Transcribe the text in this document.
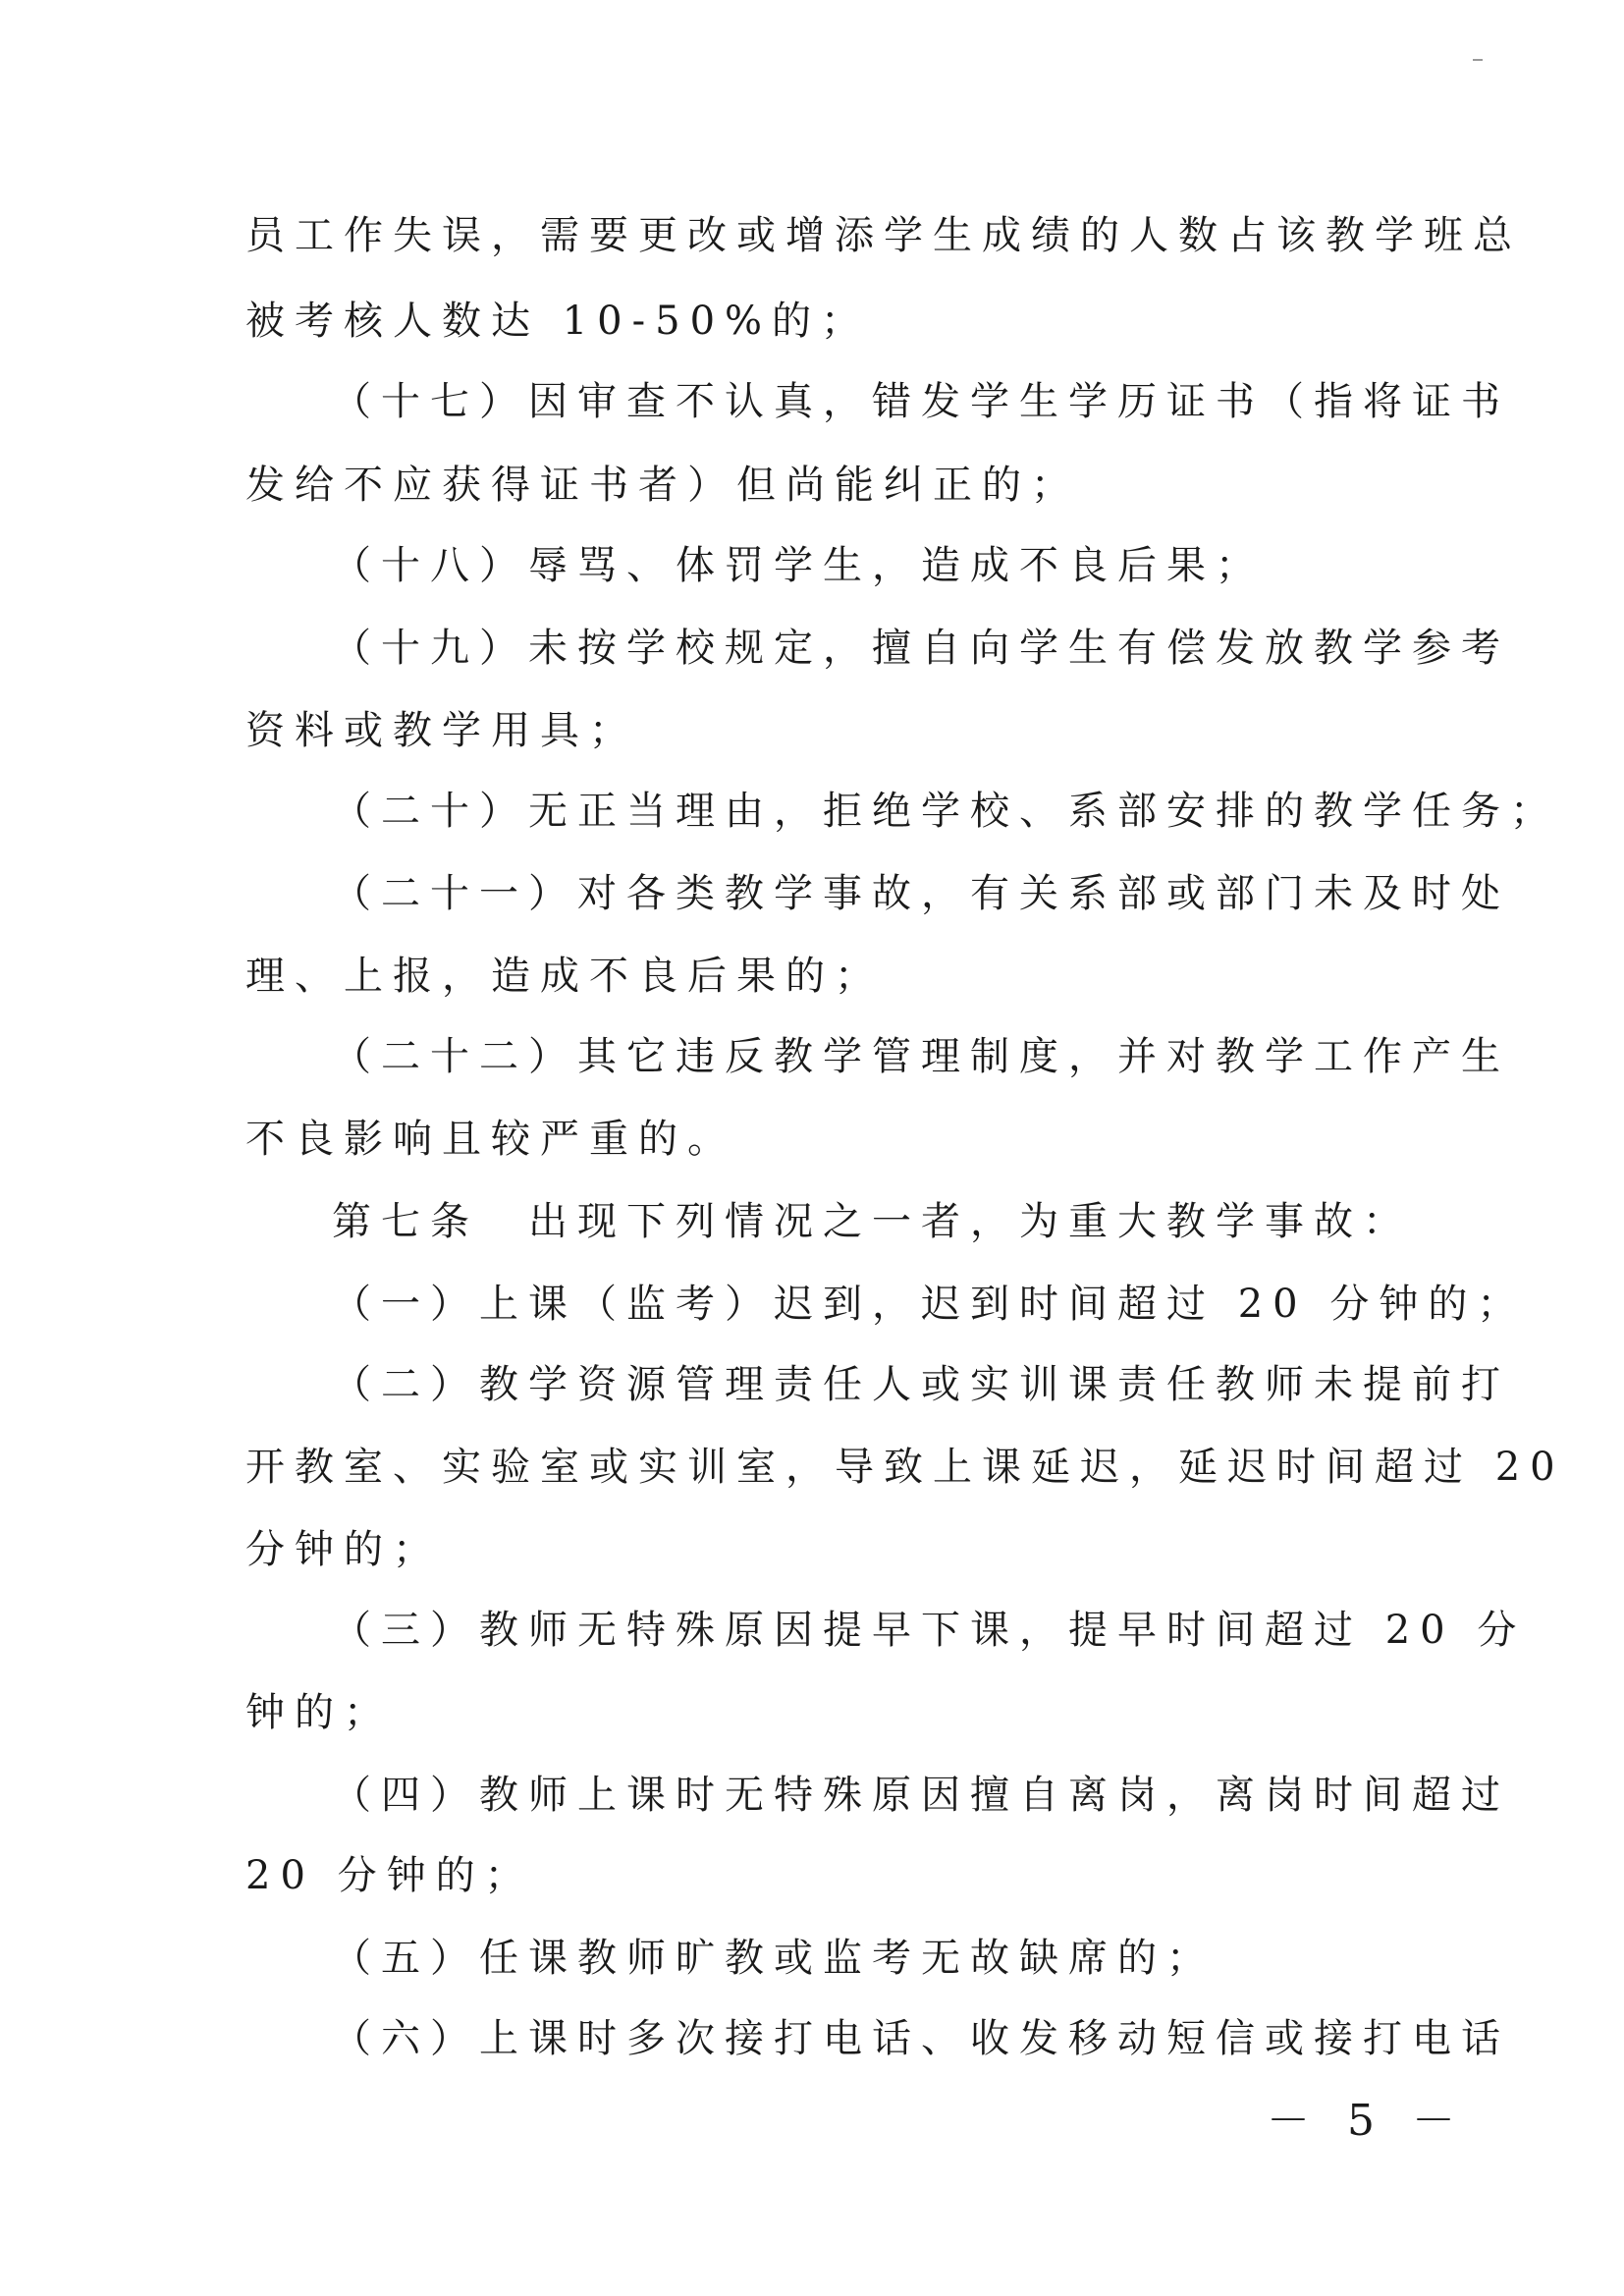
员工作失误，需要更改或增添学生成绩的人数占该教学班总
被考核人数达 10-50%的；
（十七）因审查不认真，错发学生学历证书（指将证书
发给不应获得证书者）但尚能纠正的；
（十八）辱骂、体罚学生，造成不良后果；
（十九）未按学校规定，擅自向学生有偿发放教学参考
资料或教学用具；
（二十）无正当理由，拒绝学校、系部安排的教学任务；
（二十一）对各类教学事故，有关系部或部门未及时处
理、上报，造成不良后果的；
（二十二）其它违反教学管理制度，并对教学工作产生
不良影响且较严重的。
第七条　出现下列情况之一者，为重大教学事故：
（一）上课（监考）迟到，迟到时间超过 20 分钟的；
（二）教学资源管理责任人或实训课责任教师未提前打
开教室、实验室或实训室，导致上课延迟，延迟时间超过 20
分钟的；
（三）教师无特殊原因提早下课，提早时间超过 20 分
钟的；
（四）教师上课时无特殊原因擅自离岗，离岗时间超过
20 分钟的；
（五）任课教师旷教或监考无故缺席的；
（六）上课时多次接打电话、收发移动短信或接打电话
－ 5 －
